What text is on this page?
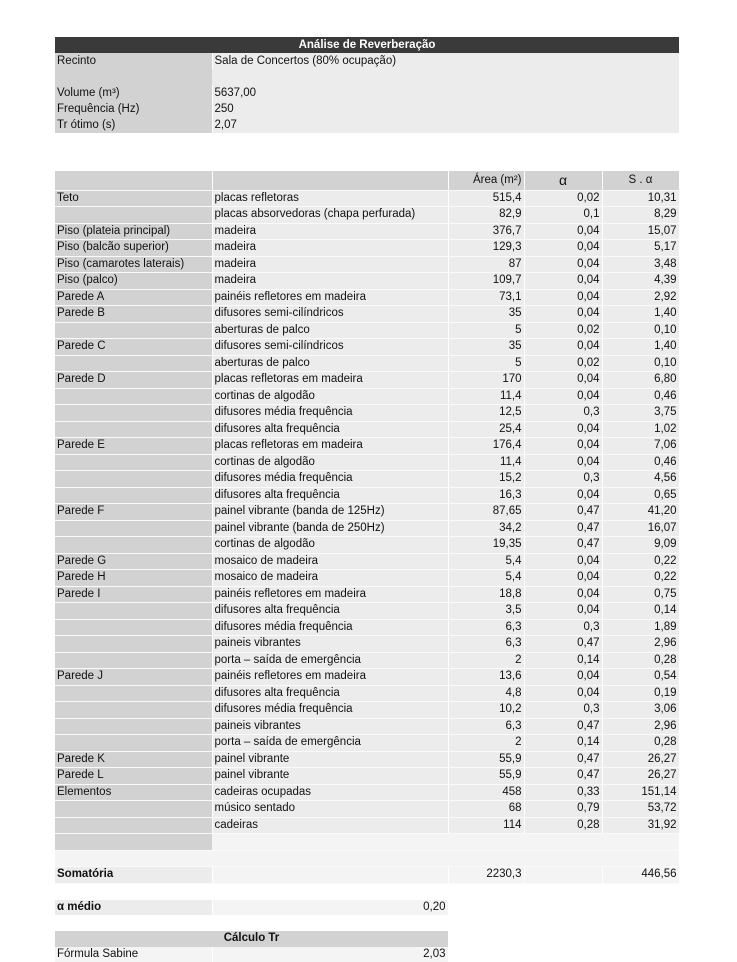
Análise de Reverberação	
Recinto	Sala de Concertos (80% ocupação)

Volume (m³)	5637,00
Frequência (Hz)	250
Tr ótimo (s)	2,07
		Área (m²)	α	S . α
Teto	placas refletoras	515,4	0,02	10,31
	placas absorvedoras (chapa perfurada)	82,9	0,1	8,29
Piso (plateia principal)	madeira	376,7	0,04	15,07
Piso (balcão superior)	madeira	129,3	0,04	5,17
Piso (camarotes laterais)	madeira	87	0,04	3,48
Piso (palco)	madeira	109,7	0,04	4,39
Parede A	painéis refletores em madeira	73,1	0,04	2,92
Parede B	difusores semi-cilíndricos	35	0,04	1,40
	aberturas de palco	5	0,02	0,10
Parede C	difusores semi-cilíndricos	35	0,04	1,40
	aberturas de palco	5	0,02	0,10
Parede D	placas refletoras em madeira	170	0,04	6,80
	cortinas de algodão	11,4	0,04	0,46
	difusores média frequência	12,5	0,3	3,75
	difusores alta frequência	25,4	0,04	1,02
Parede E	placas refletoras em madeira	176,4	0,04	7,06
	cortinas de algodão	11,4	0,04	0,46
	difusores média frequência	15,2	0,3	4,56
	difusores alta frequência	16,3	0,04	0,65
Parede F	painel vibrante (banda de 125Hz)	87,65	0,47	41,20
	painel vibrante (banda de 250Hz)	34,2	0,47	16,07
	cortinas de algodão	19,35	0,47	9,09
Parede G	mosaico de madeira	5,4	0,04	0,22
Parede H	mosaico de madeira	5,4	0,04	0,22
Parede I	painéis refletores em madeira	18,8	0,04	0,75
	difusores alta frequência	3,5	0,04	0,14
	difusores média frequência	6,3	0,3	1,89
	paineis vibrantes	6,3	0,47	2,96
	porta – saída de emergência	2	0,14	0,28
Parede J	painéis refletores em madeira	13,6	0,04	0,54
	difusores alta frequência	4,8	0,04	0,19
	difusores média frequência	10,2	0,3	3,06
	paineis vibrantes	6,3	0,47	2,96
	porta – saída de emergência	2	0,14	0,28
Parede K	painel vibrante	55,9	0,47	26,27
Parede L	painel vibrante	55,9	0,47	26,27
Elementos	cadeiras ocupadas	458	0,33	151,14
	músico sentado	68	0,79	53,72
	cadeiras	114	0,28	31,92

Somatória		2230,3		446,56
α médio	0,20
Cálculo Tr
Fórmula Sabine	2,03
